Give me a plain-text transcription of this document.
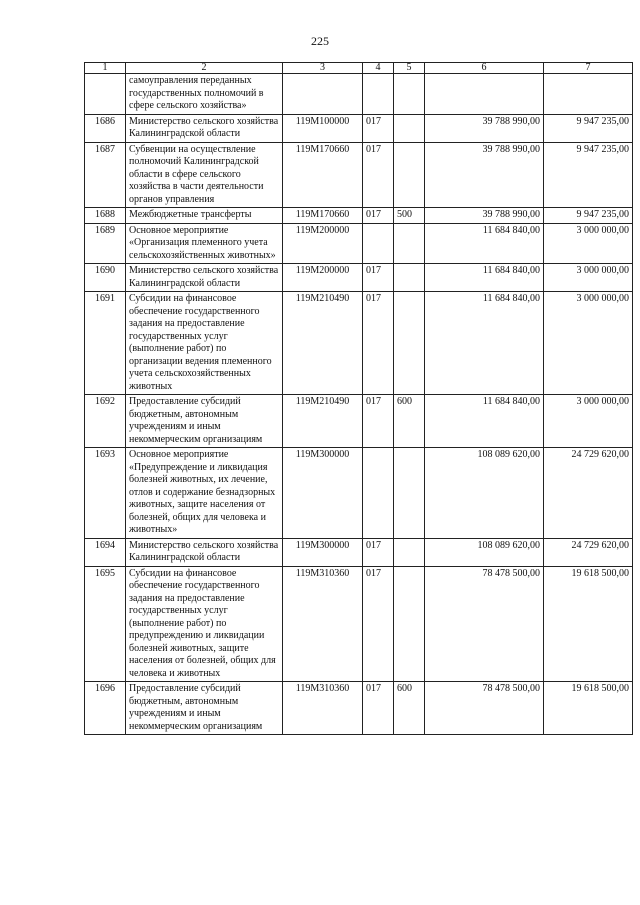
225
1	2	3	4	5	6	7
	самоуправления переданных государственных полномочий в сфере сельского хозяйства»					
1686	Министерство сельского хозяйства Калининградской области	119М100000	017		39 788 990,00	9 947 235,00
1687	Субвенции на осуществление полномочий Калининградской области в сфере сельского хозяйства в части деятельности органов управления	119М170660	017		39 788 990,00	9 947 235,00
1688	Межбюджетные трансферты	119М170660	017	500	39 788 990,00	9 947 235,00
1689	Основное мероприятие «Организация племенного учета сельскохозяйственных животных»	119М200000			11 684 840,00	3 000 000,00
1690	Министерство сельского хозяйства Калининградской области	119М200000	017		11 684 840,00	3 000 000,00
1691	Субсидии на финансовое обеспечение государственного задания на предоставление государственных услуг (выполнение работ) по организации ведения племенного учета сельскохозяйственных животных	119М210490	017		11 684 840,00	3 000 000,00
1692	Предоставление субсидий бюджетным, автономным учреждениям и иным некоммерческим организациям	119М210490	017	600	11 684 840,00	3 000 000,00
1693	Основное мероприятие «Предупреждение и ликвидация болезней животных, их лечение, отлов и содержание безнадзорных животных, защите населения от болезней, общих для человека и животных»	119М300000			108 089 620,00	24 729 620,00
1694	Министерство сельского хозяйства Калининградской области	119М300000	017		108 089 620,00	24 729 620,00
1695	Субсидии на финансовое обеспечение государственного задания на предоставление государственных услуг (выполнение работ) по предупреждению и ликвидации болезней животных, защите населения от болезней, общих для человека и животных	119М310360	017		78 478 500,00	19 618 500,00
1696	Предоставление субсидий бюджетным, автономным учреждениям и иным некоммерческим организациям	119М310360	017	600	78 478 500,00	19 618 500,00
